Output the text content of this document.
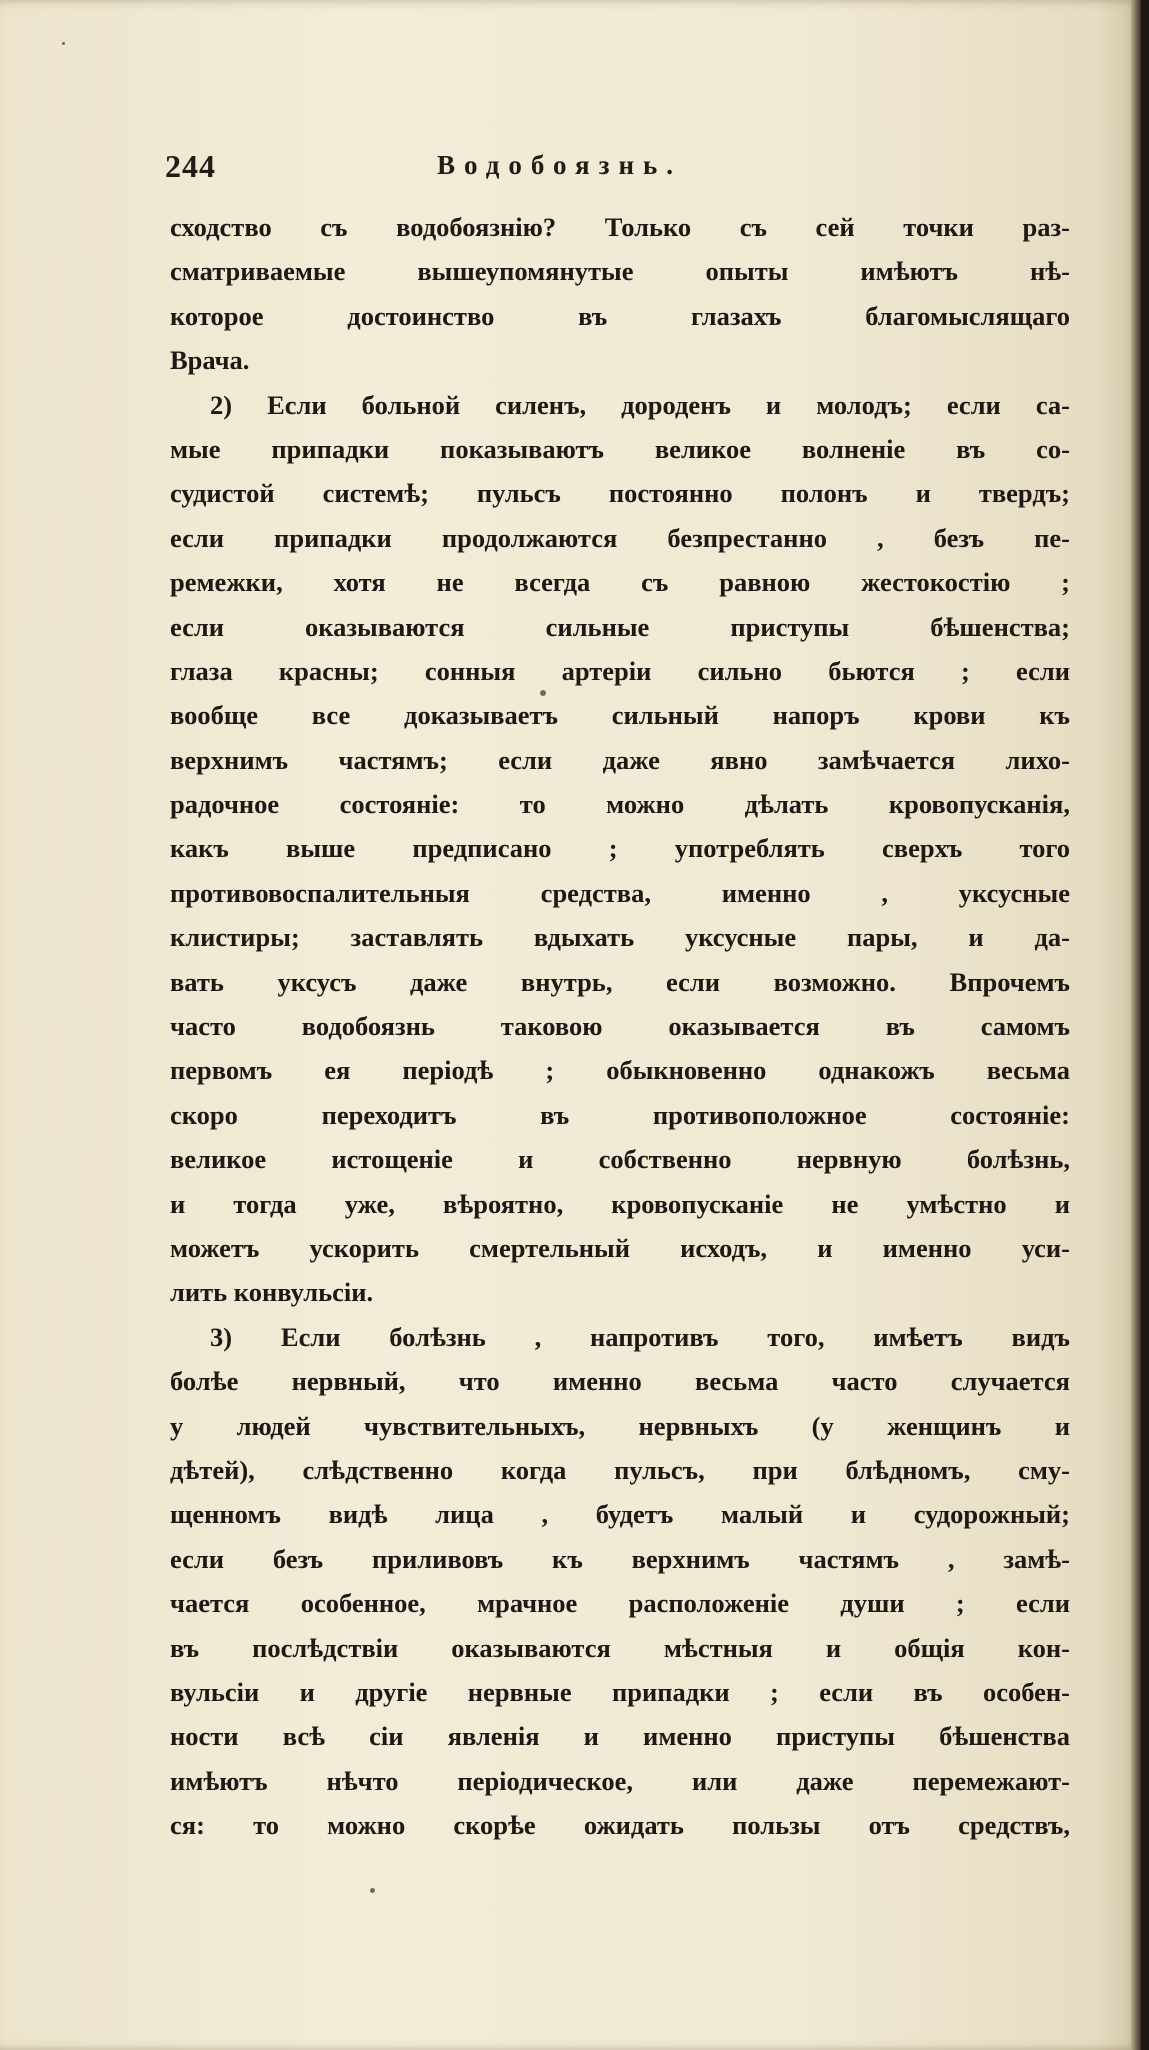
244	Водобоязнь.
сходство съ водобоязнію? Только съ сей точки раз-
сматриваемые вышеупомянутые опыты имѣютъ нѣ-
которое достоинство въ глазахъ благомыслящаго
Врача.
2) Если больной силенъ, дороденъ и молодъ; если са-
мые припадки показываютъ великое волненіе въ со-
судистой системѣ; пульсъ постоянно полонъ и твердъ;
если припадки продолжаются безпрестанно , безъ пе-
ремежки, хотя не всегда съ равною жестокостію ;
если оказываются сильные приступы бѣшенства;
глаза красны; сонныя артеріи сильно бьются ; если
вообще все доказываетъ сильный напоръ крови къ
верхнимъ частямъ; если даже явно замѣчается лихо-
радочное состояніе: то можно дѣлать кровопусканія,
какъ выше предписано ; употреблять сверхъ того
противовоспалительныя средства, именно , уксусные
клистиры; заставлять вдыхать уксусные пары, и да-
вать уксусъ даже внутрь, если возможно. Впрочемъ
часто водобоязнь таковою оказывается въ самомъ
первомъ ея періодѣ ; обыкновенно однакожъ весьма
скоро переходитъ въ противоположное состояніе:
великое истощеніе и собственно нервную болѣзнь,
и тогда уже, вѣроятно, кровопусканіе не умѣстно и
можетъ ускорить смертельный исходъ, и именно уси-
лить конвульсіи.
3) Если болѣзнь , напротивъ того, имѣетъ видъ
болѣе нервный, что именно весьма часто случается
у людей чувствительныхъ, нервныхъ (у женщинъ и
дѣтей), слѣдственно когда пульсъ, при блѣдномъ, сму-
щенномъ видѣ лица , будетъ малый и судорожный;
если безъ приливовъ къ верхнимъ частямъ , замѣ-
чается особенное, мрачное расположеніе души ; если
въ послѣдствіи оказываются мѣстныя и общія кон-
вульсіи и другіе нервные припадки ; если въ особен-
ности всѣ сіи явленія и именно приступы бѣшенства
имѣютъ нѣчто періодическое, или даже перемежают-
ся: то можно скорѣе ожидать пользы отъ средствъ,
